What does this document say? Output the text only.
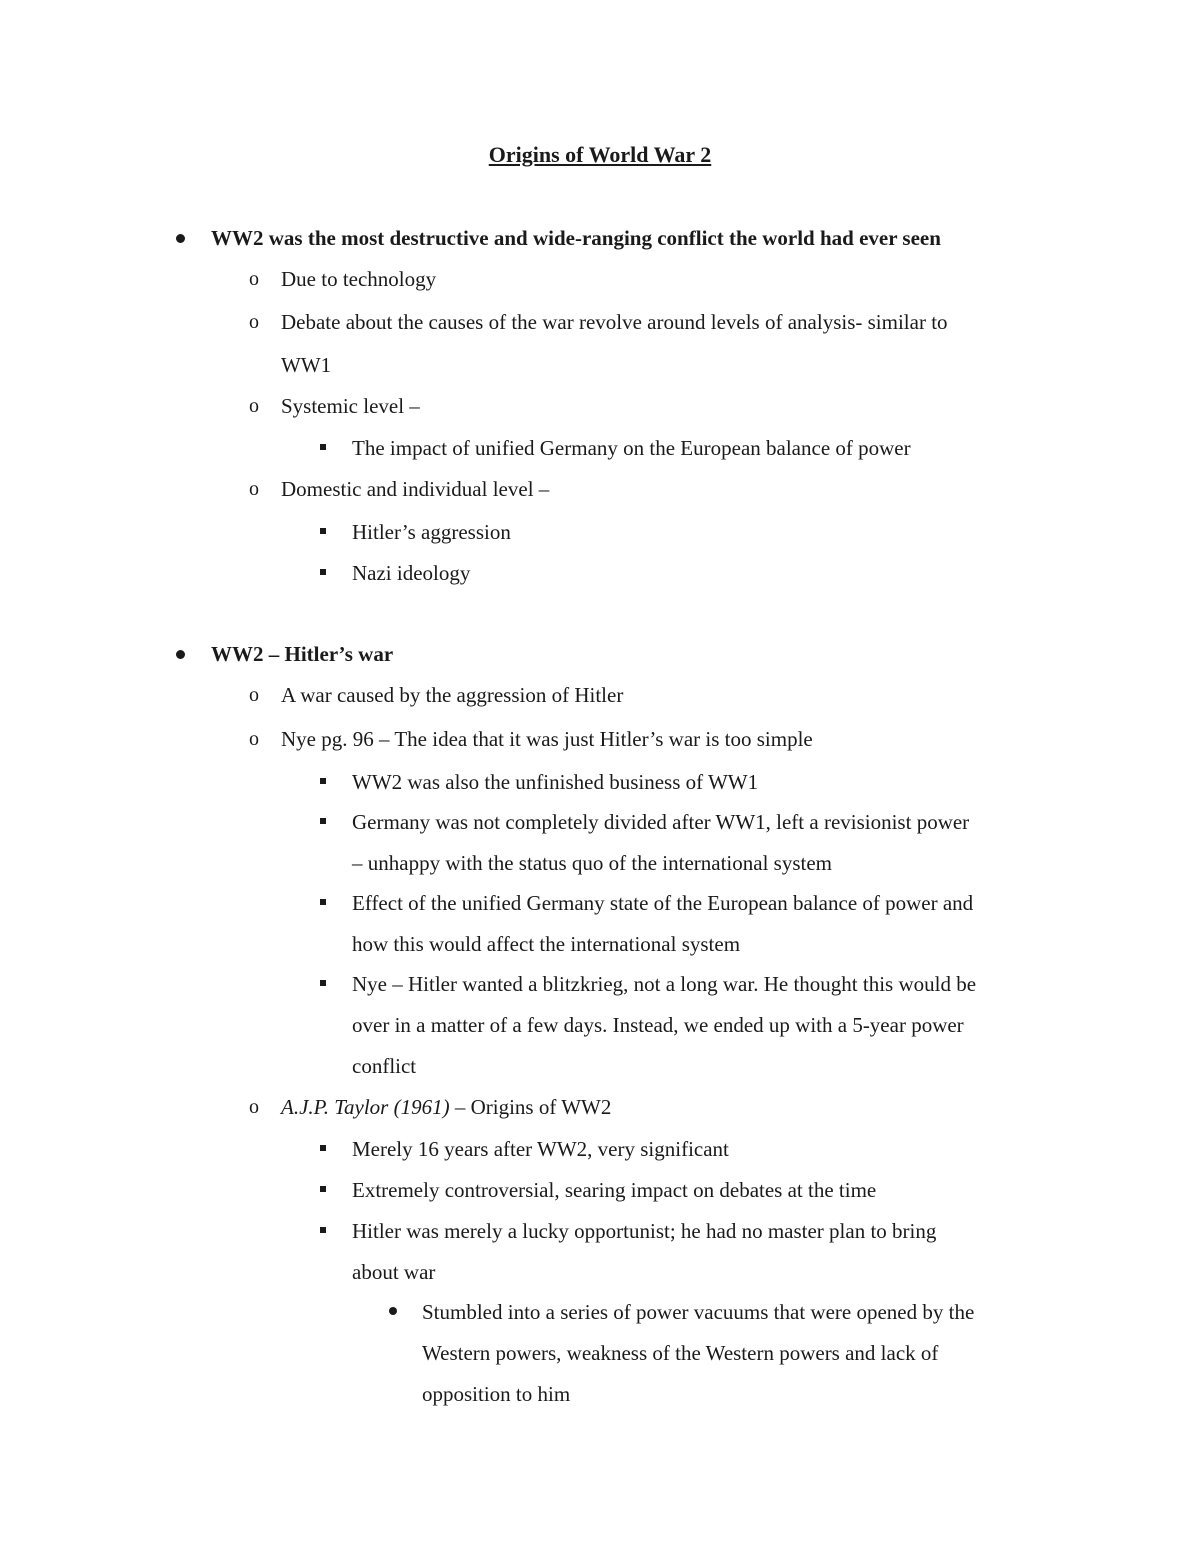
Origins of World War 2
WW2 was the most destructive and wide-ranging conflict the world had ever seen
o Due to technology
o Debate about the causes of the war revolve around levels of analysis- similar to
WW1
o Systemic level –
The impact of unified Germany on the European balance of power
o Domestic and individual level –
Hitler’s aggression
Nazi ideology
WW2 – Hitler’s war
o A war caused by the aggression of Hitler
o Nye pg. 96 – The idea that it was just Hitler’s war is too simple
WW2 was also the unfinished business of WW1
Germany was not completely divided after WW1, left a revisionist power
– unhappy with the status quo of the international system
Effect of the unified Germany state of the European balance of power and
how this would affect the international system
Nye – Hitler wanted a blitzkrieg, not a long war. He thought this would be
over in a matter of a few days. Instead, we ended up with a 5-year power
conflict
o A.J.P. Taylor (1961) – Origins of WW2
Merely 16 years after WW2, very significant
Extremely controversial, searing impact on debates at the time
Hitler was merely a lucky opportunist; he had no master plan to bring
about war
Stumbled into a series of power vacuums that were opened by the
Western powers, weakness of the Western powers and lack of
opposition to him
